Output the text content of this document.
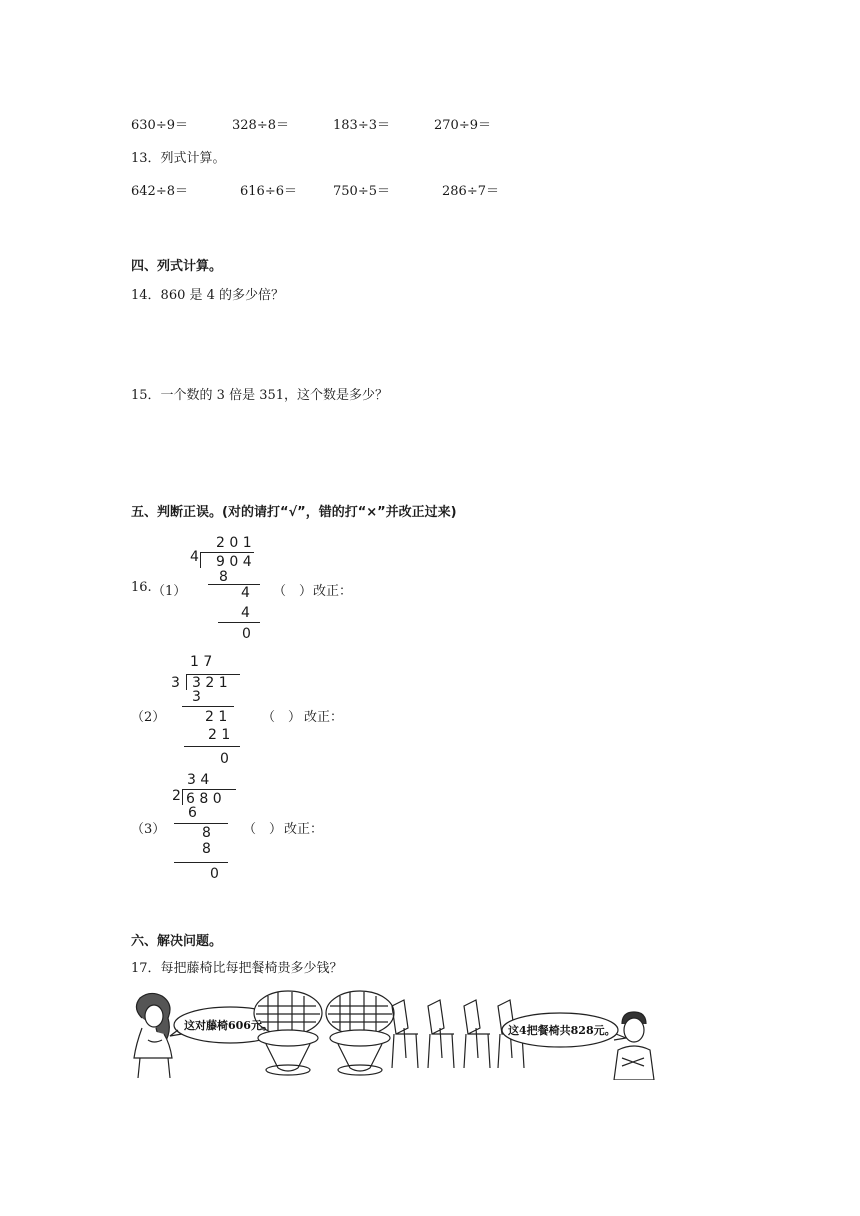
630÷9＝	328÷8＝	183÷3＝	270÷9＝
13．列式计算。
642÷8＝	616÷6＝	750÷5＝	286÷7＝
四、列式计算。
14．860 是 4 的多少倍？
15．一个数的 3 倍是 351，这个数是多少？
五、判断正误。(对的请打“√”，错的打“×”并改正过来)
16. （1）
2 0 1
4 9 0 4
8
4
4
0
（　） 改正：
（2）
1 7
3 3 2 1
3
2 1
2 1
0
（　） 改正：
（3）
3 4
2 6 8 0
6
8
8
0
（　） 改正：
六、解决问题。
17．每把藤椅比每把餐椅贵多少钱？
这对藤椅606元。	这4把餐椅共828元。
